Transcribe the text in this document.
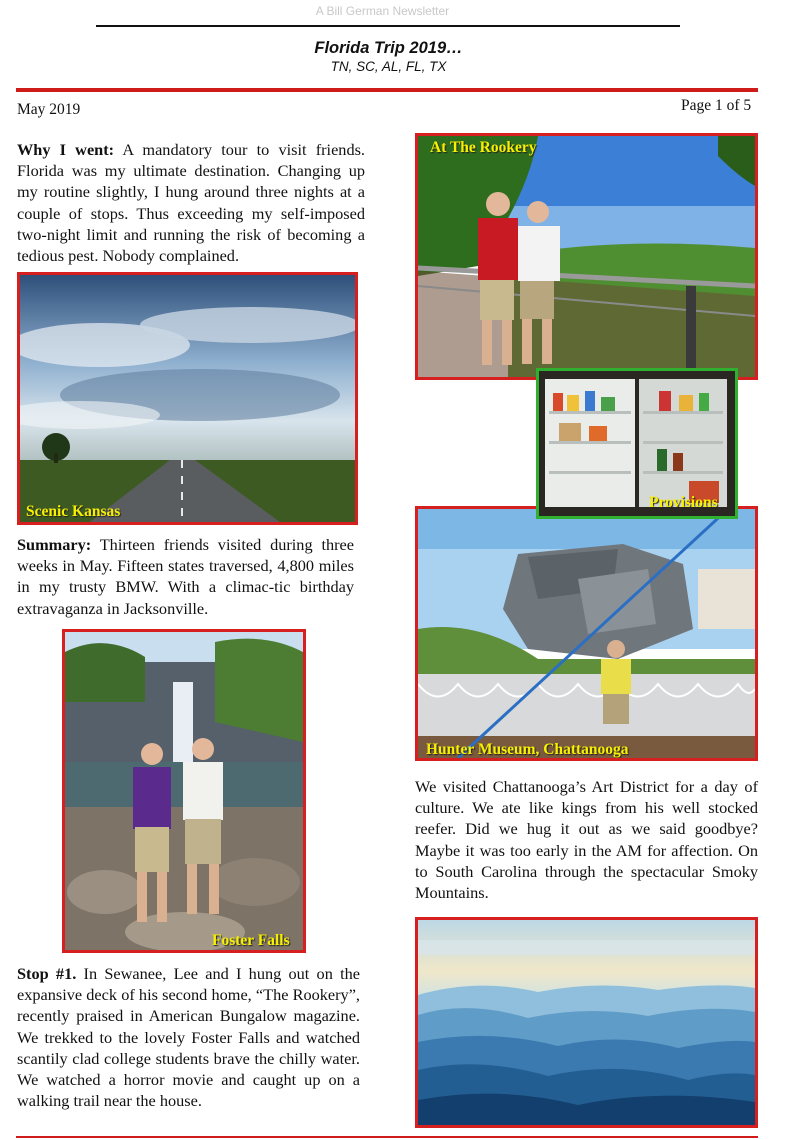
A Bill German Newsletter
Florida Trip 2019…
TN, SC, AL, FL, TX
May 2019	Page 1 of 5
Why I went: A mandatory tour to visit friends. Florida was my ultimate destination. Changing up my routine slightly, I hung around three nights at a couple of stops. Thus exceeding my self-imposed two-night limit and running the risk of becoming a tedious pest. Nobody complained.
Scenic Kansas
Summary: Thirteen friends visited during three weeks in May. Fifteen states traversed, 4,800 miles in my trusty BMW. With a climac-tic birthday extravaganza in Jacksonville.
Foster Falls
Stop #1. In Sewanee, Lee and I hung out on the expansive deck of his second home, “The Rookery”, recently praised in American Bungalow magazine. We trekked to the lovely Foster Falls and watched scantily clad college students brave the chilly water. We watched a horror movie and caught up on a walking trail near the house.
At The Rookery
Hunter Museum, Chattanooga
Provisions
We visited Chattanooga’s Art District for a day of culture. We ate like kings from his well stocked reefer. Did we hug it out as we said goodbye? Maybe it was too early in the AM for affection. On to South Carolina through the spectacular Smoky Mountains.
